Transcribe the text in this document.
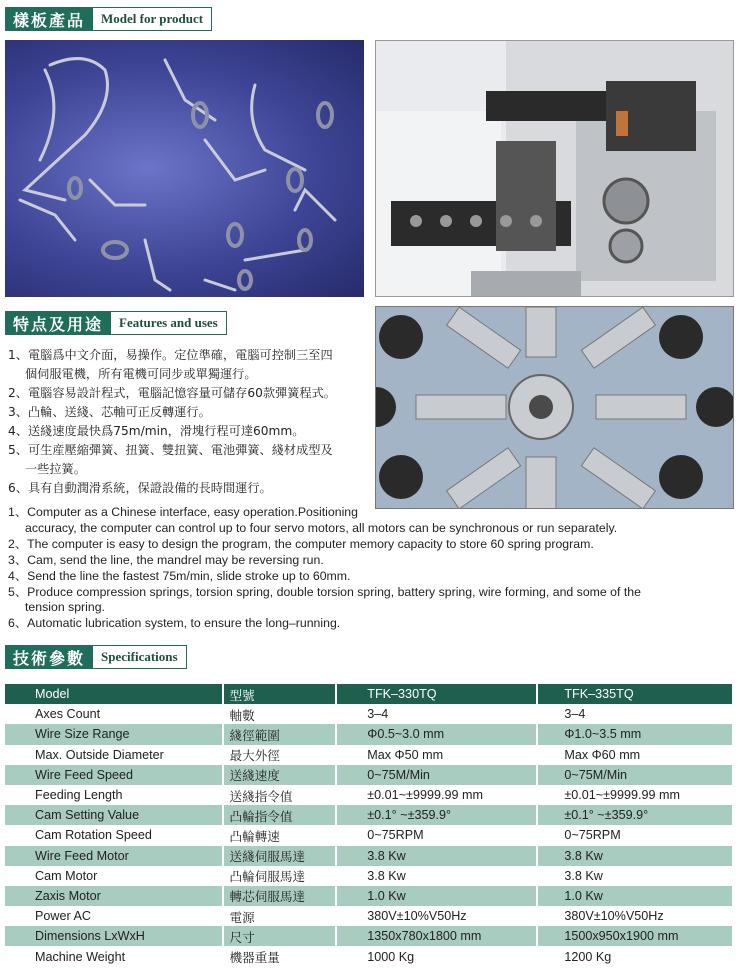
樣板產品	Model for product
特点及用途	Features and uses
技術參數	Specifications
1、電腦爲中文介面，易操作。定位準確，電腦可控制三至四
個伺服電機，所有電機可同步或單獨運行。
2、電腦容易設計程式，電腦記憶容量可儲存60款彈簧程式。
3、凸輪、送綫、芯軸可正反轉運行。
4、送綫速度最快爲75m/min，滑塊行程可達60mm。
5、可生産壓縮彈簧、扭簧、雙扭簧、電池彈簧、綫材成型及
一些拉簧。
6、具有自動潤滑系統，保證設備的長時間運行。
1、Computer as a Chinese interface, easy operation.Positioning
accuracy, the computer can control up to four servo motors, all motors can be synchronous or run separately.
2、The computer is easy to design the program, the computer memory capacity to store 60 spring program.
3、Cam, send the line, the mandrel may be reversing run.
4、Send the line the fastest 75m/min, slide stroke up to 60mm.
5、Produce compression springs, torsion spring, double torsion spring, battery spring, wire forming, and some of the
tension spring.
6、Automatic lubrication system, to ensure the long–running.
Model	型號	TFK–330TQ	TFK–335TQ
Axes Count	軸數	3–4	3–4
Wire Size Range	綫徑範圍	Φ0.5~3.0 mm	Φ1.0~3.5 mm
Max. Outside Diameter	最大外徑	Max Φ50 mm	Max Φ60 mm
Wire Feed Speed	送綫速度	0~75M/Min	0~75M/Min
Feeding Length	送綫指令值	±0.01~±9999.99 mm	±0.01~±9999.99 mm
Cam Setting Value	凸輪指令值	±0.1° ~±359.9°	±0.1° ~±359.9°
Cam Rotation Speed	凸輪轉速	0~75RPM	0~75RPM
Wire Feed Motor	送綫伺服馬達	3.8 Kw	3.8 Kw
Cam Motor	凸輪伺服馬達	3.8 Kw	3.8 Kw
Zaxis Motor	轉芯伺服馬達	1.0 Kw	1.0 Kw
Power AC	電源	380V±10%V50Hz	380V±10%V50Hz
Dimensions LxWxH	尺寸	1350x780x1800 mm	1500x950x1900 mm
Machine Weight	機器重量	1000 Kg	1200 Kg
